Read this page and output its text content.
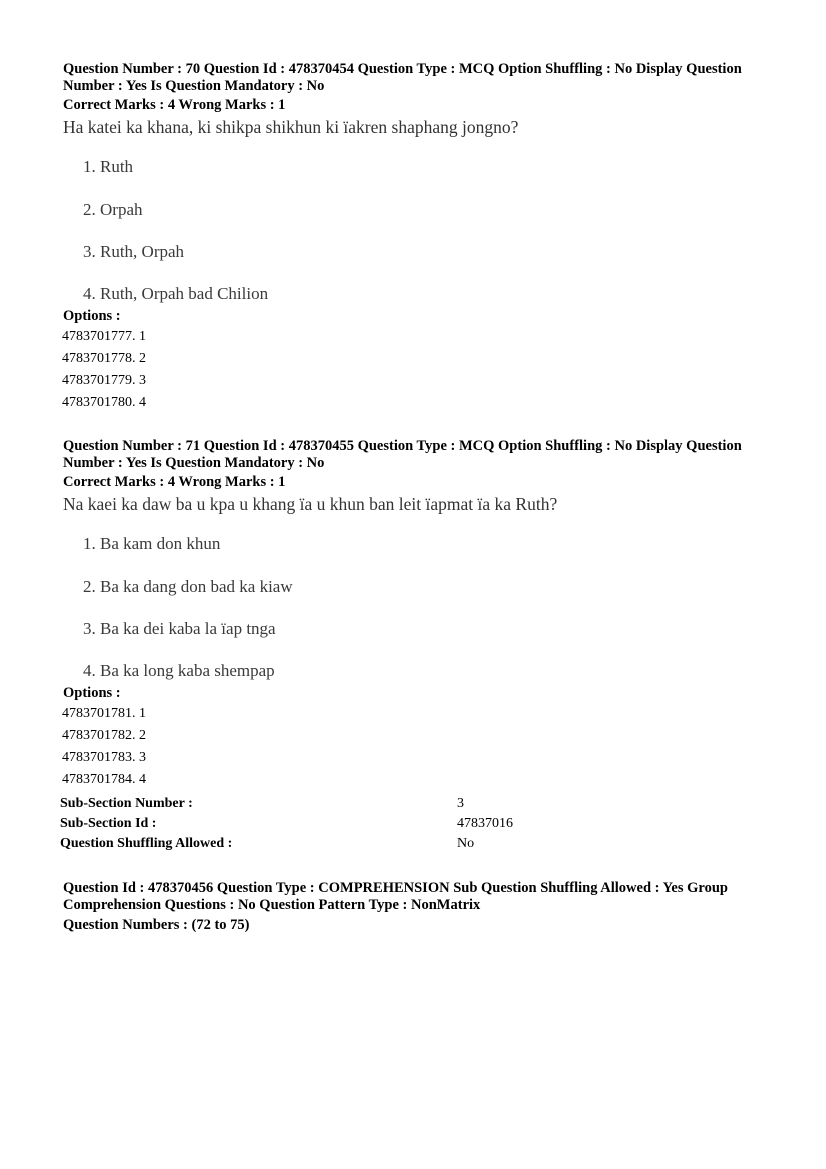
Question Number : 70 Question Id : 478370454 Question Type : MCQ Option Shuffling : No Display Question
Number : Yes Is Question Mandatory : No
Correct Marks : 4 Wrong Marks : 1
Ha katei ka khana, ki shikpa shikhun ki ïakren shaphang jongno?
1. Ruth
2. Orpah
3. Ruth, Orpah
4. Ruth, Orpah bad Chilion
Options :
4783701777. 1
4783701778. 2
4783701779. 3
4783701780. 4
Question Number : 71 Question Id : 478370455 Question Type : MCQ Option Shuffling : No Display Question
Number : Yes Is Question Mandatory : No
Correct Marks : 4 Wrong Marks : 1
Na kaei ka daw ba u kpa u khang ïa u khun ban leit ïapmat ïa ka Ruth?
1. Ba kam don khun
2. Ba ka dang don bad ka kiaw
3. Ba ka dei kaba la ïap tnga
4. Ba ka long kaba shempap
Options :
4783701781. 1
4783701782. 2
4783701783. 3
4783701784. 4
Sub-Section Number :	3
Sub-Section Id :	47837016
Question Shuffling Allowed :	No
Question Id : 478370456 Question Type : COMPREHENSION Sub Question Shuffling Allowed : Yes Group
Comprehension Questions : No Question Pattern Type : NonMatrix
Question Numbers : (72 to 75)
